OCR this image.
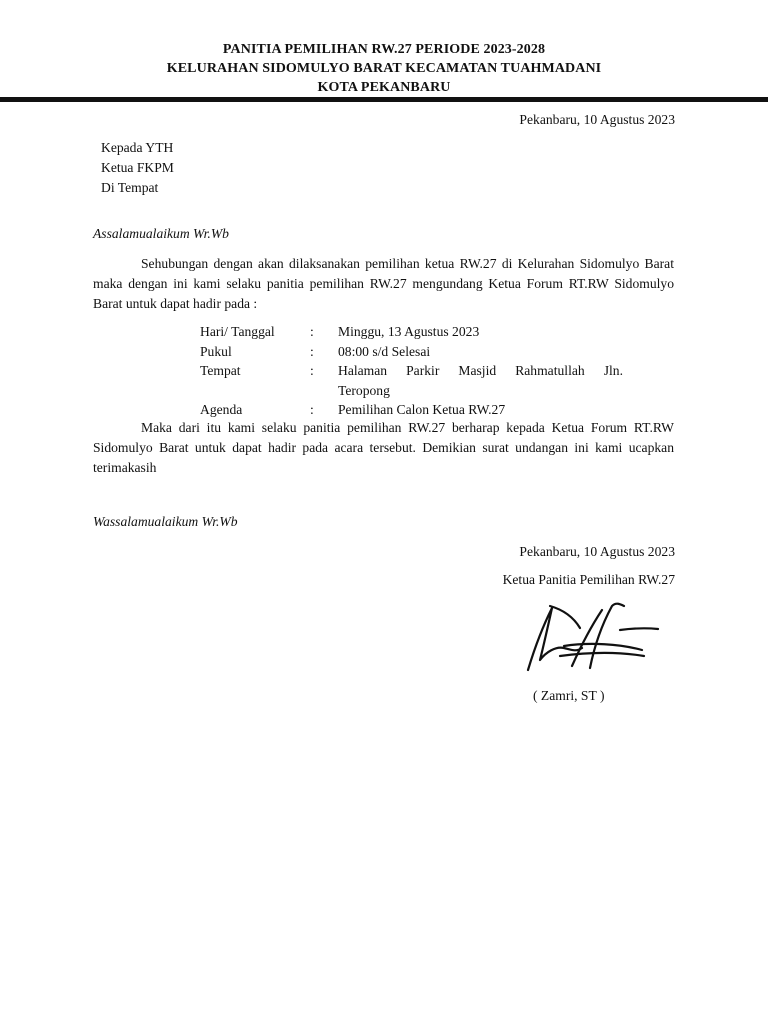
PANITIA PEMILIHAN RW.27 PERIODE 2023-2028
KELURAHAN SIDOMULYO BARAT KECAMATAN TUAHMADANI
KOTA PEKANBARU
Pekanbaru, 10 Agustus 2023
Kepada YTH
Ketua FKPM
Di Tempat
Assalamualaikum Wr.Wb

Sehubungan dengan akan dilaksanakan pemilihan ketua RW.27 di Kelurahan Sidomulyo Barat maka dengan ini kami selaku panitia pemilihan RW.27 mengundang Ketua Forum RT.RW Sidomulyo Barat untuk dapat hadir pada :

Hari/ Tanggal	:	Minggu, 13 Agustus 2023
Pukul	:	08:00 s/d Selesai
Tempat	:	Halaman Parkir Masjid Rahmatullah Jln.
Teropong
Agenda	:	Pemilihan Calon Ketua RW.27

Maka dari itu kami selaku panitia pemilihan RW.27 berharap kepada Ketua Forum RT.RW Sidomulyo Barat untuk dapat hadir pada acara tersebut. Demikian surat undangan ini kami ucapkan terimakasih

Wassalamualaikum Wr.Wb
Pekanbaru, 10 Agustus 2023
Ketua Panitia Pemilihan RW.27
( Zamri, ST )
